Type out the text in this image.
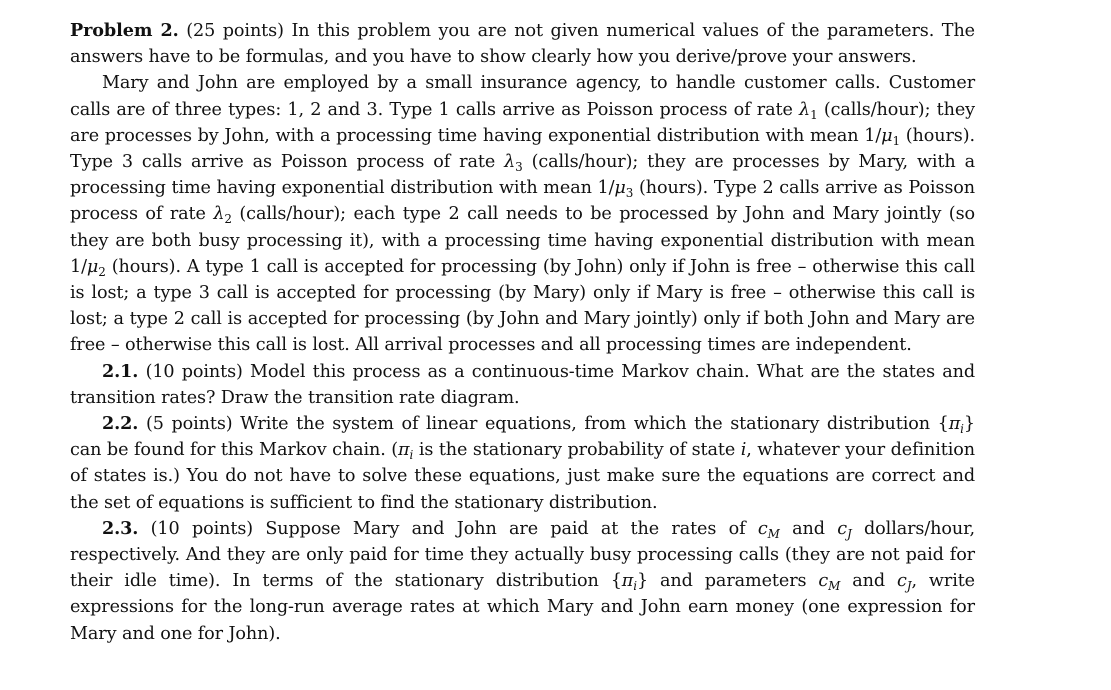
Problem 2. (25 points) In this problem you are not given numerical values of the parameters. The answers have to be formulas, and you have to show clearly how you derive/prove your answers.

Mary and John are employed by a small insurance agency, to handle customer calls. Customer calls are of three types: 1, 2 and 3. Type 1 calls arrive as Poisson process of rate $\lambda_1$ (calls/hour); they are processes by John, with a processing time having exponential distribution with mean $1/\mu_1$ (hours). Type 3 calls arrive as Poisson process of rate $\lambda_3$ (calls/hour); they are processes by Mary, with a processing time having exponential distribution with mean $1/\mu_3$ (hours). Type 2 calls arrive as Poisson process of rate $\lambda_2$ (calls/hour); each type 2 call needs to be processed by John and Mary jointly (so they are both busy processing it), with a processing time having exponential distribution with mean $1/\mu_2$ (hours). A type 1 call is accepted for processing (by John) only if John is free – otherwise this call is lost; a type 3 call is accepted for processing (by Mary) only if Mary is free – otherwise this call is lost; a type 2 call is accepted for processing (by John and Mary jointly) only if both John and Mary are free – otherwise this call is lost. All arrival processes and all processing times are independent.

2.1. (10 points) Model this process as a continuous-time Markov chain. What are the states and transition rates? Draw the transition rate diagram.

2.2. (5 points) Write the system of linear equations, from which the stationary distribution $\{\pi_i\}$ can be found for this Markov chain. ($\pi_i$ is the stationary probability of state i, whatever your definition of states is.) You do not have to solve these equations, just make sure the equations are correct and the set of equations is sufficient to find the stationary distribution.

2.3. (10 points) Suppose Mary and John are paid at the rates of $c_M$ and $c_J$ dollars/hour, respectively. And they are only paid for time they actually busy processing calls (they are not paid for their idle time). In terms of the stationary distribution $\{\pi_i\}$ and parameters $c_M$ and $c_J$, write expressions for the long-run average rates at which Mary and John earn money (one expression for Mary and one for John).
